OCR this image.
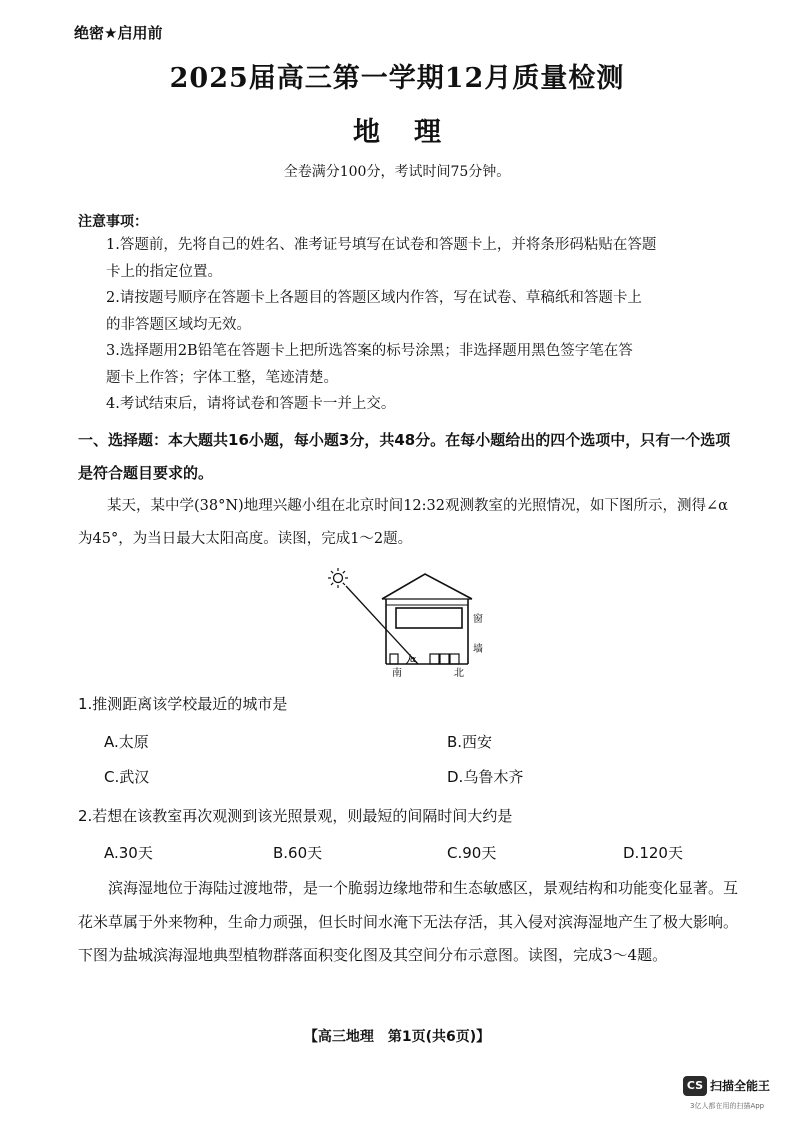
绝密★启用前
2025届高三第一学期12月质量检测
地理
全卷满分100分，考试时间75分钟。
注意事项：

1.答题前，先将自己的姓名、准考证号填写在试卷和答题卡上，并将条形码粘贴在答题

卡上的指定位置。

2.请按题号顺序在答题卡上各题目的答题区域内作答，写在试卷、草稿纸和答题卡上

的非答题区域均无效。

3.选择题用2B铅笔在答题卡上把所选答案的标号涂黑；非选择题用黑色签字笔在答

题卡上作答；字体工整，笔迹清楚。

4.考试结束后，请将试卷和答题卡一并上交。

一、选择题：本大题共16小题，每小题3分，共48分。在每小题给出的四个选项中，只有一个选项是符合题目要求的。
某天，某中学(38°N)地理兴趣小组在北京时间12:32观测教室的光照情况，如下图所示，测得∠α为45°，为当日最大太阳高度。读图，完成1～2题。
α
窗
墙
南	北
1.推测距离该学校最近的城市是
A.太原	B.西安
C.武汉	D.乌鲁木齐
2.若想在该教室再次观测到该光照景观，则最短的间隔时间大约是
A.30天	B.60天	C.90天	D.120天
滨海湿地位于海陆过渡地带，是一个脆弱边缘地带和生态敏感区，景观结构和功能变化显著。互花米草属于外来物种，生命力顽强，但长时间水淹下无法存活，其入侵对滨海湿地产生了极大影响。下图为盐城滨海湿地典型植物群落面积变化图及其空间分布示意图。读图，完成3～4题。
【高三地理　第1页(共6页)】
CS 扫描全能王
3亿人都在用的扫描App
